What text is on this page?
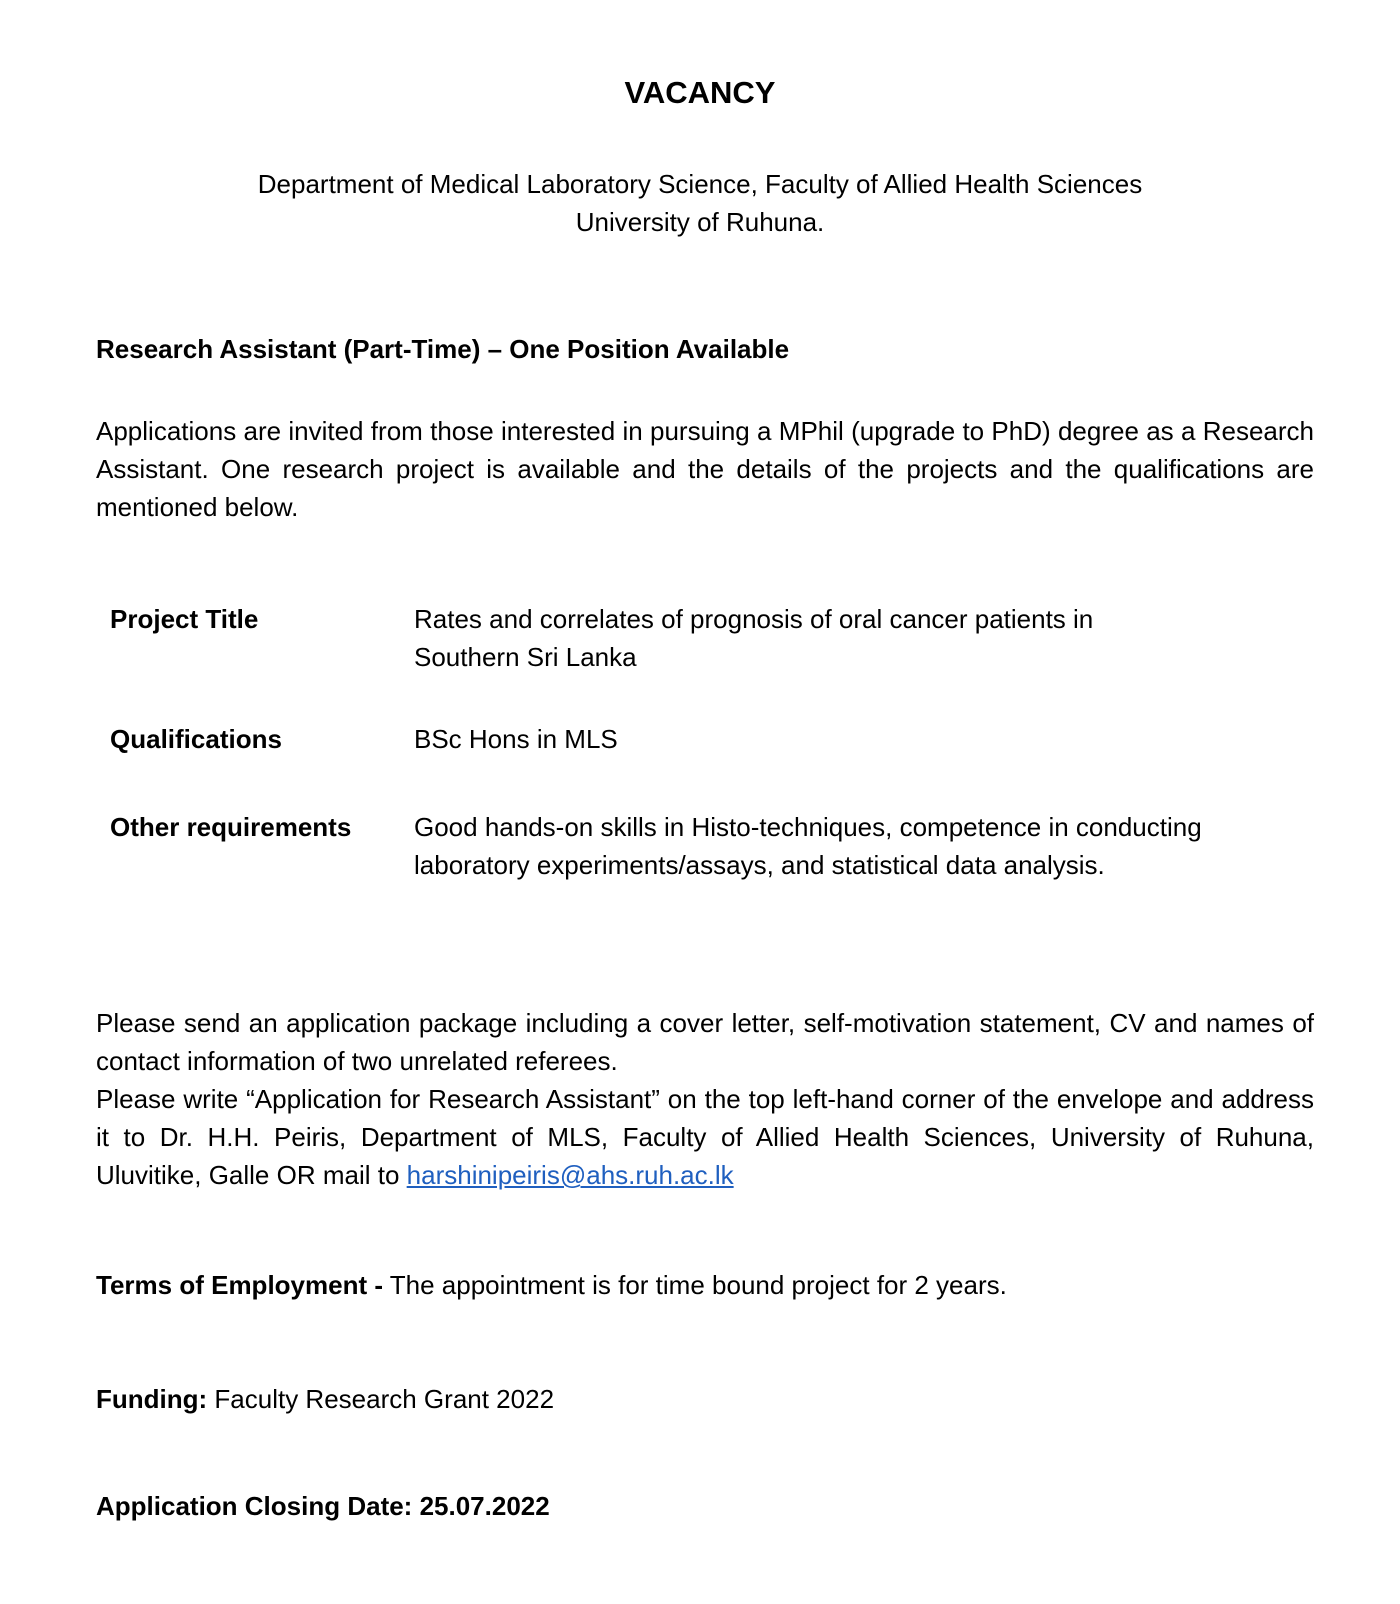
VACANCY
Department of Medical Laboratory Science, Faculty of Allied Health Sciences
University of Ruhuna.
Research Assistant (Part-Time) – One Position Available
Applications are invited from those interested in pursuing a MPhil (upgrade to PhD) degree as a Research Assistant. One research project is available and the details of the projects and the qualifications are mentioned below.
Project Title	Rates and correlates of prognosis of oral cancer patients in Southern Sri Lanka
Qualifications	BSc Hons in MLS
Other requirements	Good hands-on skills in Histo-techniques, competence in conducting laboratory experiments/assays, and statistical data analysis.

Please send an application package including a cover letter, self-motivation statement, CV and names of contact information of two unrelated referees.

Please write “Application for Research Assistant” on the top left-hand corner of the envelope and address it to Dr. H.H. Peiris, Department of MLS, Faculty of Allied Health Sciences, University of Ruhuna, Uluvitike, Galle OR mail to harshinipeiris@ahs.ruh.ac.lk

Terms of Employment - The appointment is for time bound project for 2 years.
Funding: Faculty Research Grant 2022
Application Closing Date: 25.07.2022
